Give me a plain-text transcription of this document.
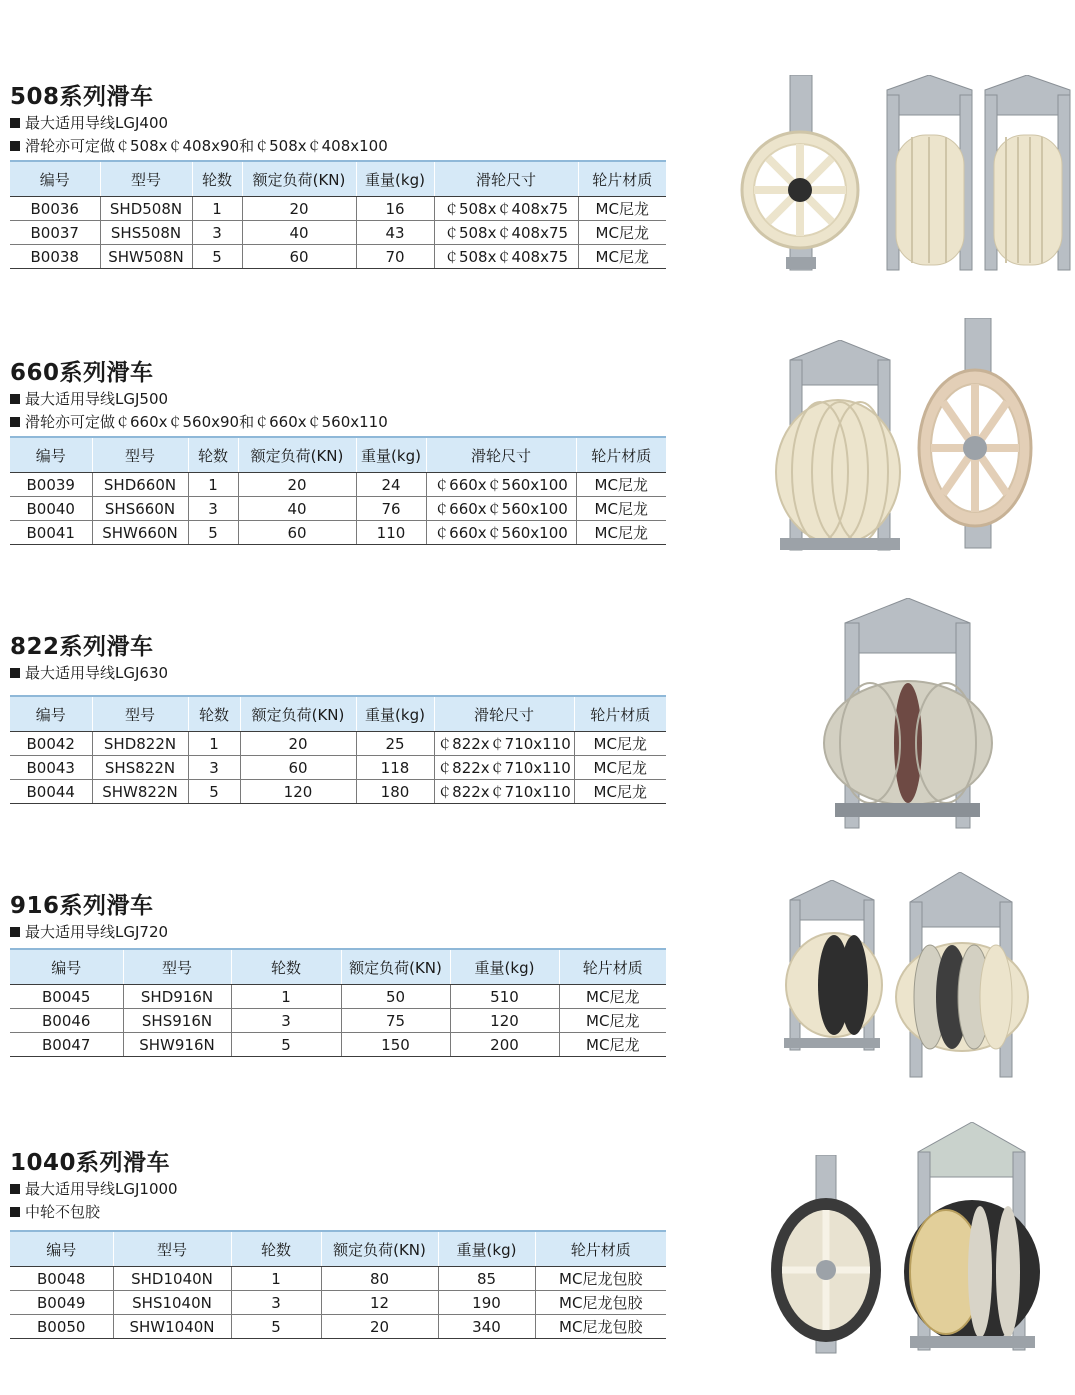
508系列滑车
最大适用导线LGJ400
滑轮亦可定做￠508x￠408x90和￠508x￠408x100
编号	型号	轮数	额定负荷(KN)	重量(kg)	滑轮尺寸	轮片材质
B0036	SHD508N	1	20	16	￠508x￠408x75	MC尼龙
B0037	SHS508N	3	40	43	￠508x￠408x75	MC尼龙
B0038	SHW508N	5	60	70	￠508x￠408x75	MC尼龙
660系列滑车
最大适用导线LGJ500
滑轮亦可定做￠660x￠560x90和￠660x￠560x110
编号	型号	轮数	额定负荷(KN)	重量(kg)	滑轮尺寸	轮片材质
B0039	SHD660N	1	20	24	￠660x￠560x100	MC尼龙
B0040	SHS660N	3	40	76	￠660x￠560x100	MC尼龙
B0041	SHW660N	5	60	110	￠660x￠560x100	MC尼龙
822系列滑车
最大适用导线LGJ630
编号	型号	轮数	额定负荷(KN)	重量(kg)	滑轮尺寸	轮片材质
B0042	SHD822N	1	20	25	￠822x￠710x110	MC尼龙
B0043	SHS822N	3	60	118	￠822x￠710x110	MC尼龙
B0044	SHW822N	5	120	180	￠822x￠710x110	MC尼龙
916系列滑车
最大适用导线LGJ720
编号	型号	轮数	额定负荷(KN)	重量(kg)	轮片材质
B0045	SHD916N	1	50	510	MC尼龙
B0046	SHS916N	3	75	120	MC尼龙
B0047	SHW916N	5	150	200	MC尼龙
1040系列滑车
最大适用导线LGJ1000
中轮不包胶
编号	型号	轮数	额定负荷(KN)	重量(kg)	轮片材质
B0048	SHD1040N	1	80	85	MC尼龙包胶
B0049	SHS1040N	3	12	190	MC尼龙包胶
B0050	SHW1040N	5	20	340	MC尼龙包胶
